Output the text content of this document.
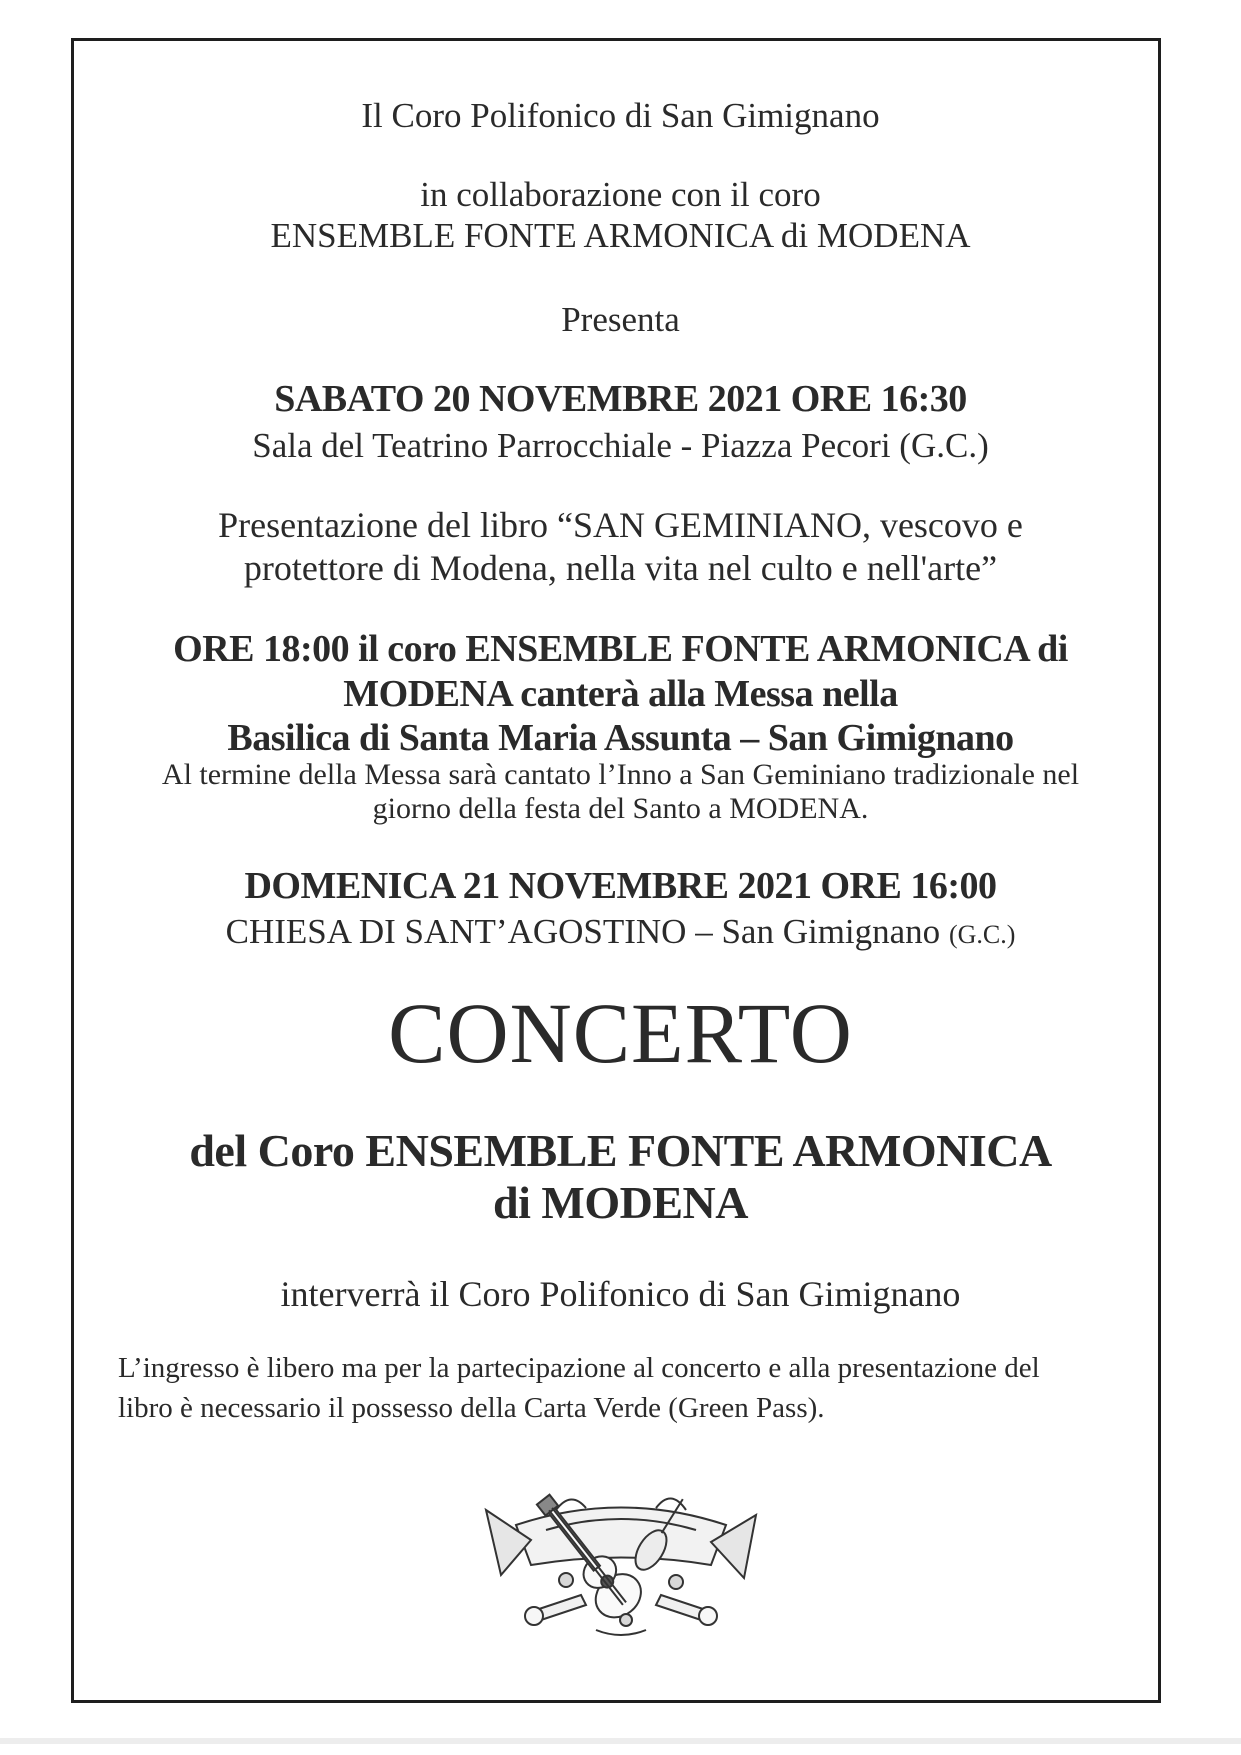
Il Coro Polifonico di San Gimignano
in collaborazione con il coro
ENSEMBLE FONTE ARMONICA di MODENA
Presenta
SABATO 20 NOVEMBRE 2021 ORE 16:30
Sala del Teatrino Parrocchiale - Piazza Pecori (G.C.)
Presentazione del libro “SAN GEMINIANO, vescovo e
protettore di Modena, nella vita nel culto e nell'arte”
ORE 18:00 il coro ENSEMBLE FONTE ARMONICA di
MODENA canterà alla Messa nella
Basilica di Santa Maria Assunta – San Gimignano
Al termine della Messa sarà cantato l’Inno a San Geminiano tradizionale nel
giorno della festa del Santo a MODENA.
DOMENICA 21 NOVEMBRE 2021 ORE 16:00
CHIESA DI SANT’AGOSTINO – San Gimignano (G.C.)
CONCERTO
del Coro ENSEMBLE FONTE ARMONICA
di MODENA
interverrà il Coro Polifonico di San Gimignano
L’ingresso è libero ma per la partecipazione al concerto e alla presentazione del
libro è necessario il possesso della Carta Verde (Green Pass).
